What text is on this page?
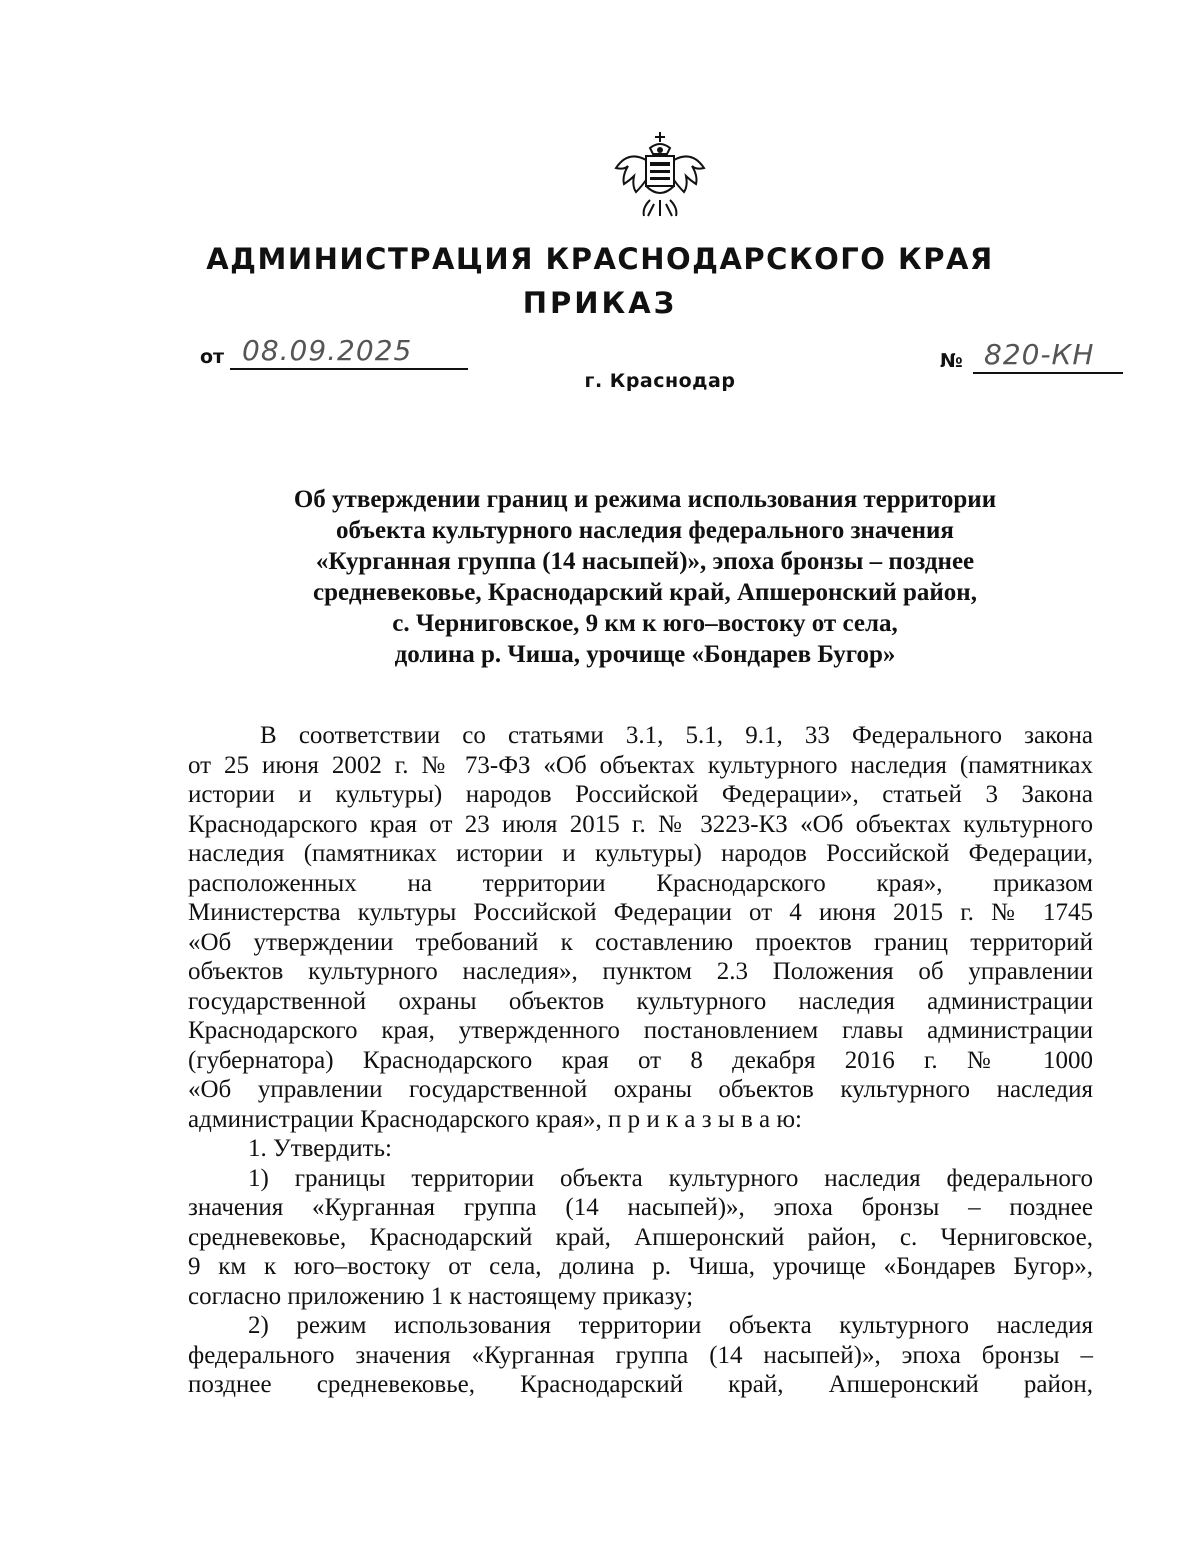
АДМИНИСТРАЦИЯ КРАСНОДАРСКОГО КРАЯ
ПРИКАЗ
от 08.09.2025	№ 820-КН
г. Краснодар
Об утверждении границ и режима использования территории
объекта культурного наследия федерального значения
«Курганная группа (14 насыпей)», эпоха бронзы – позднее
средневековье, Краснодарский край, Апшеронский район,
с. Черниговское, 9 км к юго–востоку от села,
долина р. Чиша, урочище «Бондарев Бугор»
В соответствии со статьями 3.1, 5.1, 9.1, 33 Федерального закона
от 25 июня 2002 г. № 73-ФЗ «Об объектах культурного наследия (памятниках
истории и культуры) народов Российской Федерации», статьей 3 Закона
Краснодарского края от 23 июля 2015 г. № 3223-КЗ «Об объектах культурного
наследия (памятниках истории и культуры) народов Российской Федерации,
расположенных на территории Краснодарского края», приказом
Министерства культуры Российской Федерации от 4 июня 2015 г. № 1745
«Об утверждении требований к составлению проектов границ территорий
объектов культурного наследия», пунктом 2.3 Положения об управлении
государственной охраны объектов культурного наследия администрации
Краснодарского края, утвержденного постановлением главы администрации
(губернатора) Краснодарского края от 8 декабря 2016 г. № 1000
«Об управлении государственной охраны объектов культурного наследия
администрации Краснодарского края», п р и к а з ы в а ю:
1. Утвердить:
1) границы территории объекта культурного наследия федерального
значения «Курганная группа (14 насыпей)», эпоха бронзы – позднее
средневековье, Краснодарский край, Апшеронский район, с. Черниговское,
9 км к юго–востоку от села, долина р. Чиша, урочище «Бондарев Бугор»,
согласно приложению 1 к настоящему приказу;
2) режим использования территории объекта культурного наследия
федерального значения «Курганная группа (14 насыпей)», эпоха бронзы –
позднее средневековье, Краснодарский край, Апшеронский район,
